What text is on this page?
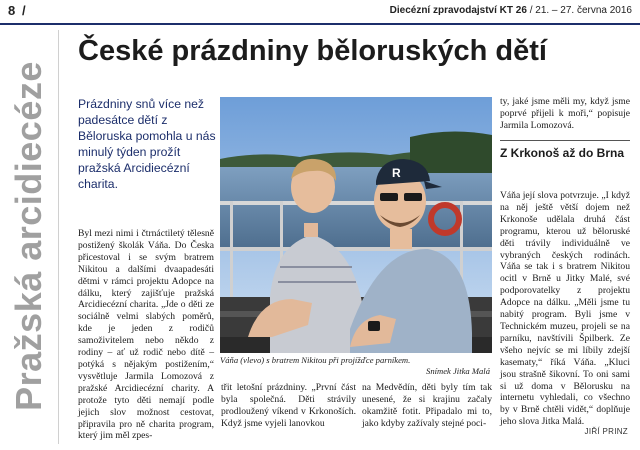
8 /	Diecézní zpravodajství KT 26 / 21. – 27. června 2016
Pražská arcidiecéze
České prázdniny běloruských dětí

Prázdniny snů více než padesátce dětí z Běloruska pomohla u nás minulý týden prožít pražská Arcidiecézní charita.

Byl mezi nimi i čtrnáctiletý tělesně postižený školák Váňa. Do Česka přicestoval i se svým bratrem Nikitou a dalšími dvaapadesáti dětmi v rámci projektu Adopce na dálku, který zajišťuje pražská Arcidiecézní charita. „Jde o děti ze sociálně velmi slabých poměrů, kde je jeden z rodičů samoživitelem nebo někdo z rodiny – ať už rodič nebo dítě – potýká s nějakým postižením,“ vysvětluje Jarmila Lomozová z pražské Arcidiecézní charity. A protože tyto děti nemají podle jejich slov možnost cestovat, připravila pro ně charita program, který jim měl zpes-

třit letošní prázdniny. „První část byla společná. Děti strávily prodloužený víkend v Krkonoších. Když jsme vyjeli lanovkou

na Medvědín, děti byly tím tak unesené, že si krajinu začaly okamžitě fotit. Připadalo mi to, jako kdyby zažívaly stejné poci-

ty, jaké jsme měli my, když jsme poprvé přijeli k moři,“ popisuje Jarmila Lomozová.

Z Krkonoš až do Brna

Váňa její slova potvrzuje. „I když na něj ještě větší dojem než Krkonoše udělala druhá část programu, kterou už běloruské děti trávily individuálně ve vybraných českých rodinách. Váňa se tak i s bratrem Nikitou ocitl v Brně u Jitky Malé, své podporovatelky z projektu Adopce na dálku. „Měli jsme tu nabitý program. Byli jsme v Technickém muzeu, projeli se na parníku, navštívili Špilberk. Ze všeho nejvíc se mi líbily zdejší kasematy,“ říká Váňa. „Kluci jsou strašně šikovní. To oni sami si už doma v Bělorusku na internetu vyhledali, co všechno by v Brně chtěli vidět,“ doplňuje jeho slova Jitka Malá.

JIŘÍ PRINZ
R
Váňa (vlevo) s bratrem Nikitou při projížďce parníkem.
Snímek Jitka Malá
